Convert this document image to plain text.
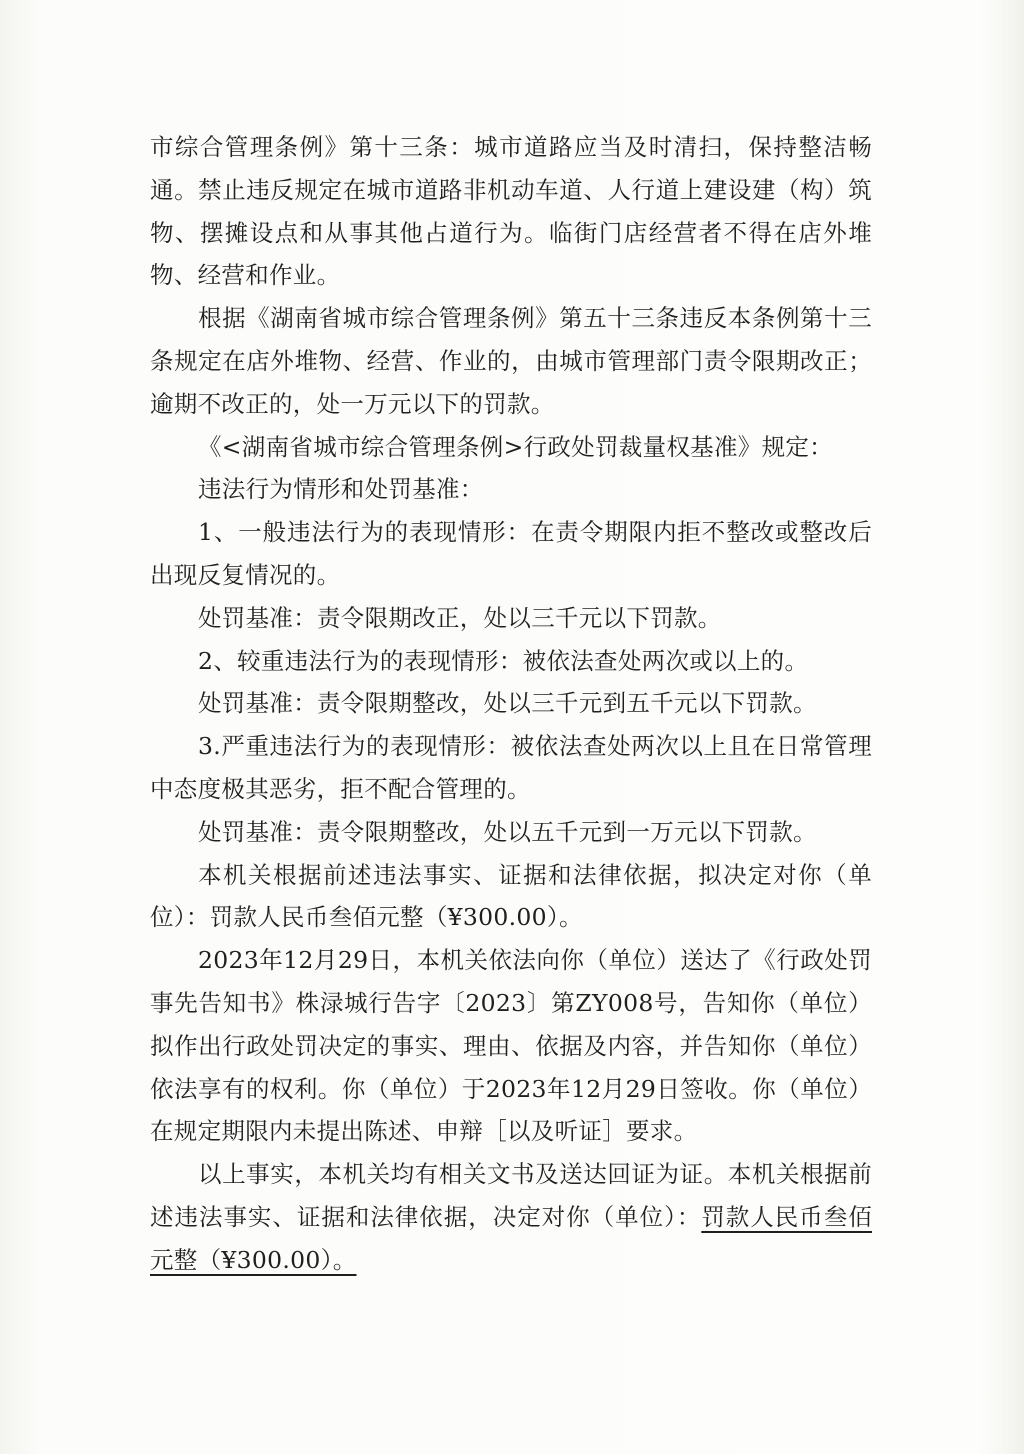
市综合管理条例》第十三条：城市道路应当及时清扫，保持整洁畅通。禁止违反规定在城市道路非机动车道、人行道上建设建（构）筑物、摆摊设点和从事其他占道行为。临街门店经营者不得在店外堆物、经营和作业。

根据《湖南省城市综合管理条例》第五十三条违反本条例第十三条规定在店外堆物、经营、作业的，由城市管理部门责令限期改正；逾期不改正的，处一万元以下的罚款。

《<湖南省城市综合管理条例>行政处罚裁量权基准》规定：

违法行为情形和处罚基准：

1、一般违法行为的表现情形：在责令期限内拒不整改或整改后出现反复情况的。

处罚基准：责令限期改正，处以三千元以下罚款。

2、较重违法行为的表现情形：被依法查处两次或以上的。

处罚基准：责令限期整改，处以三千元到五千元以下罚款。

3.严重违法行为的表现情形：被依法查处两次以上且在日常管理中态度极其恶劣，拒不配合管理的。

处罚基准：责令限期整改，处以五千元到一万元以下罚款。

本机关根据前述违法事实、证据和法律依据，拟决定对你（单位）：罚款人民币叁佰元整（¥300.00）。

2023年12月29日，本机关依法向你（单位）送达了《行政处罚事先告知书》株渌城行告字〔2023〕第ZY008号，告知你（单位）拟作出行政处罚决定的事实、理由、依据及内容，并告知你（单位）依法享有的权利。你（单位）于2023年12月29日签收。你（单位）在规定期限内未提出陈述、申辩［以及听证］要求。

以上事实，本机关均有相关文书及送达回证为证。本机关根据前述违法事实、证据和法律依据，决定对你（单位）：罚款人民币叁佰元整（¥300.00）。
